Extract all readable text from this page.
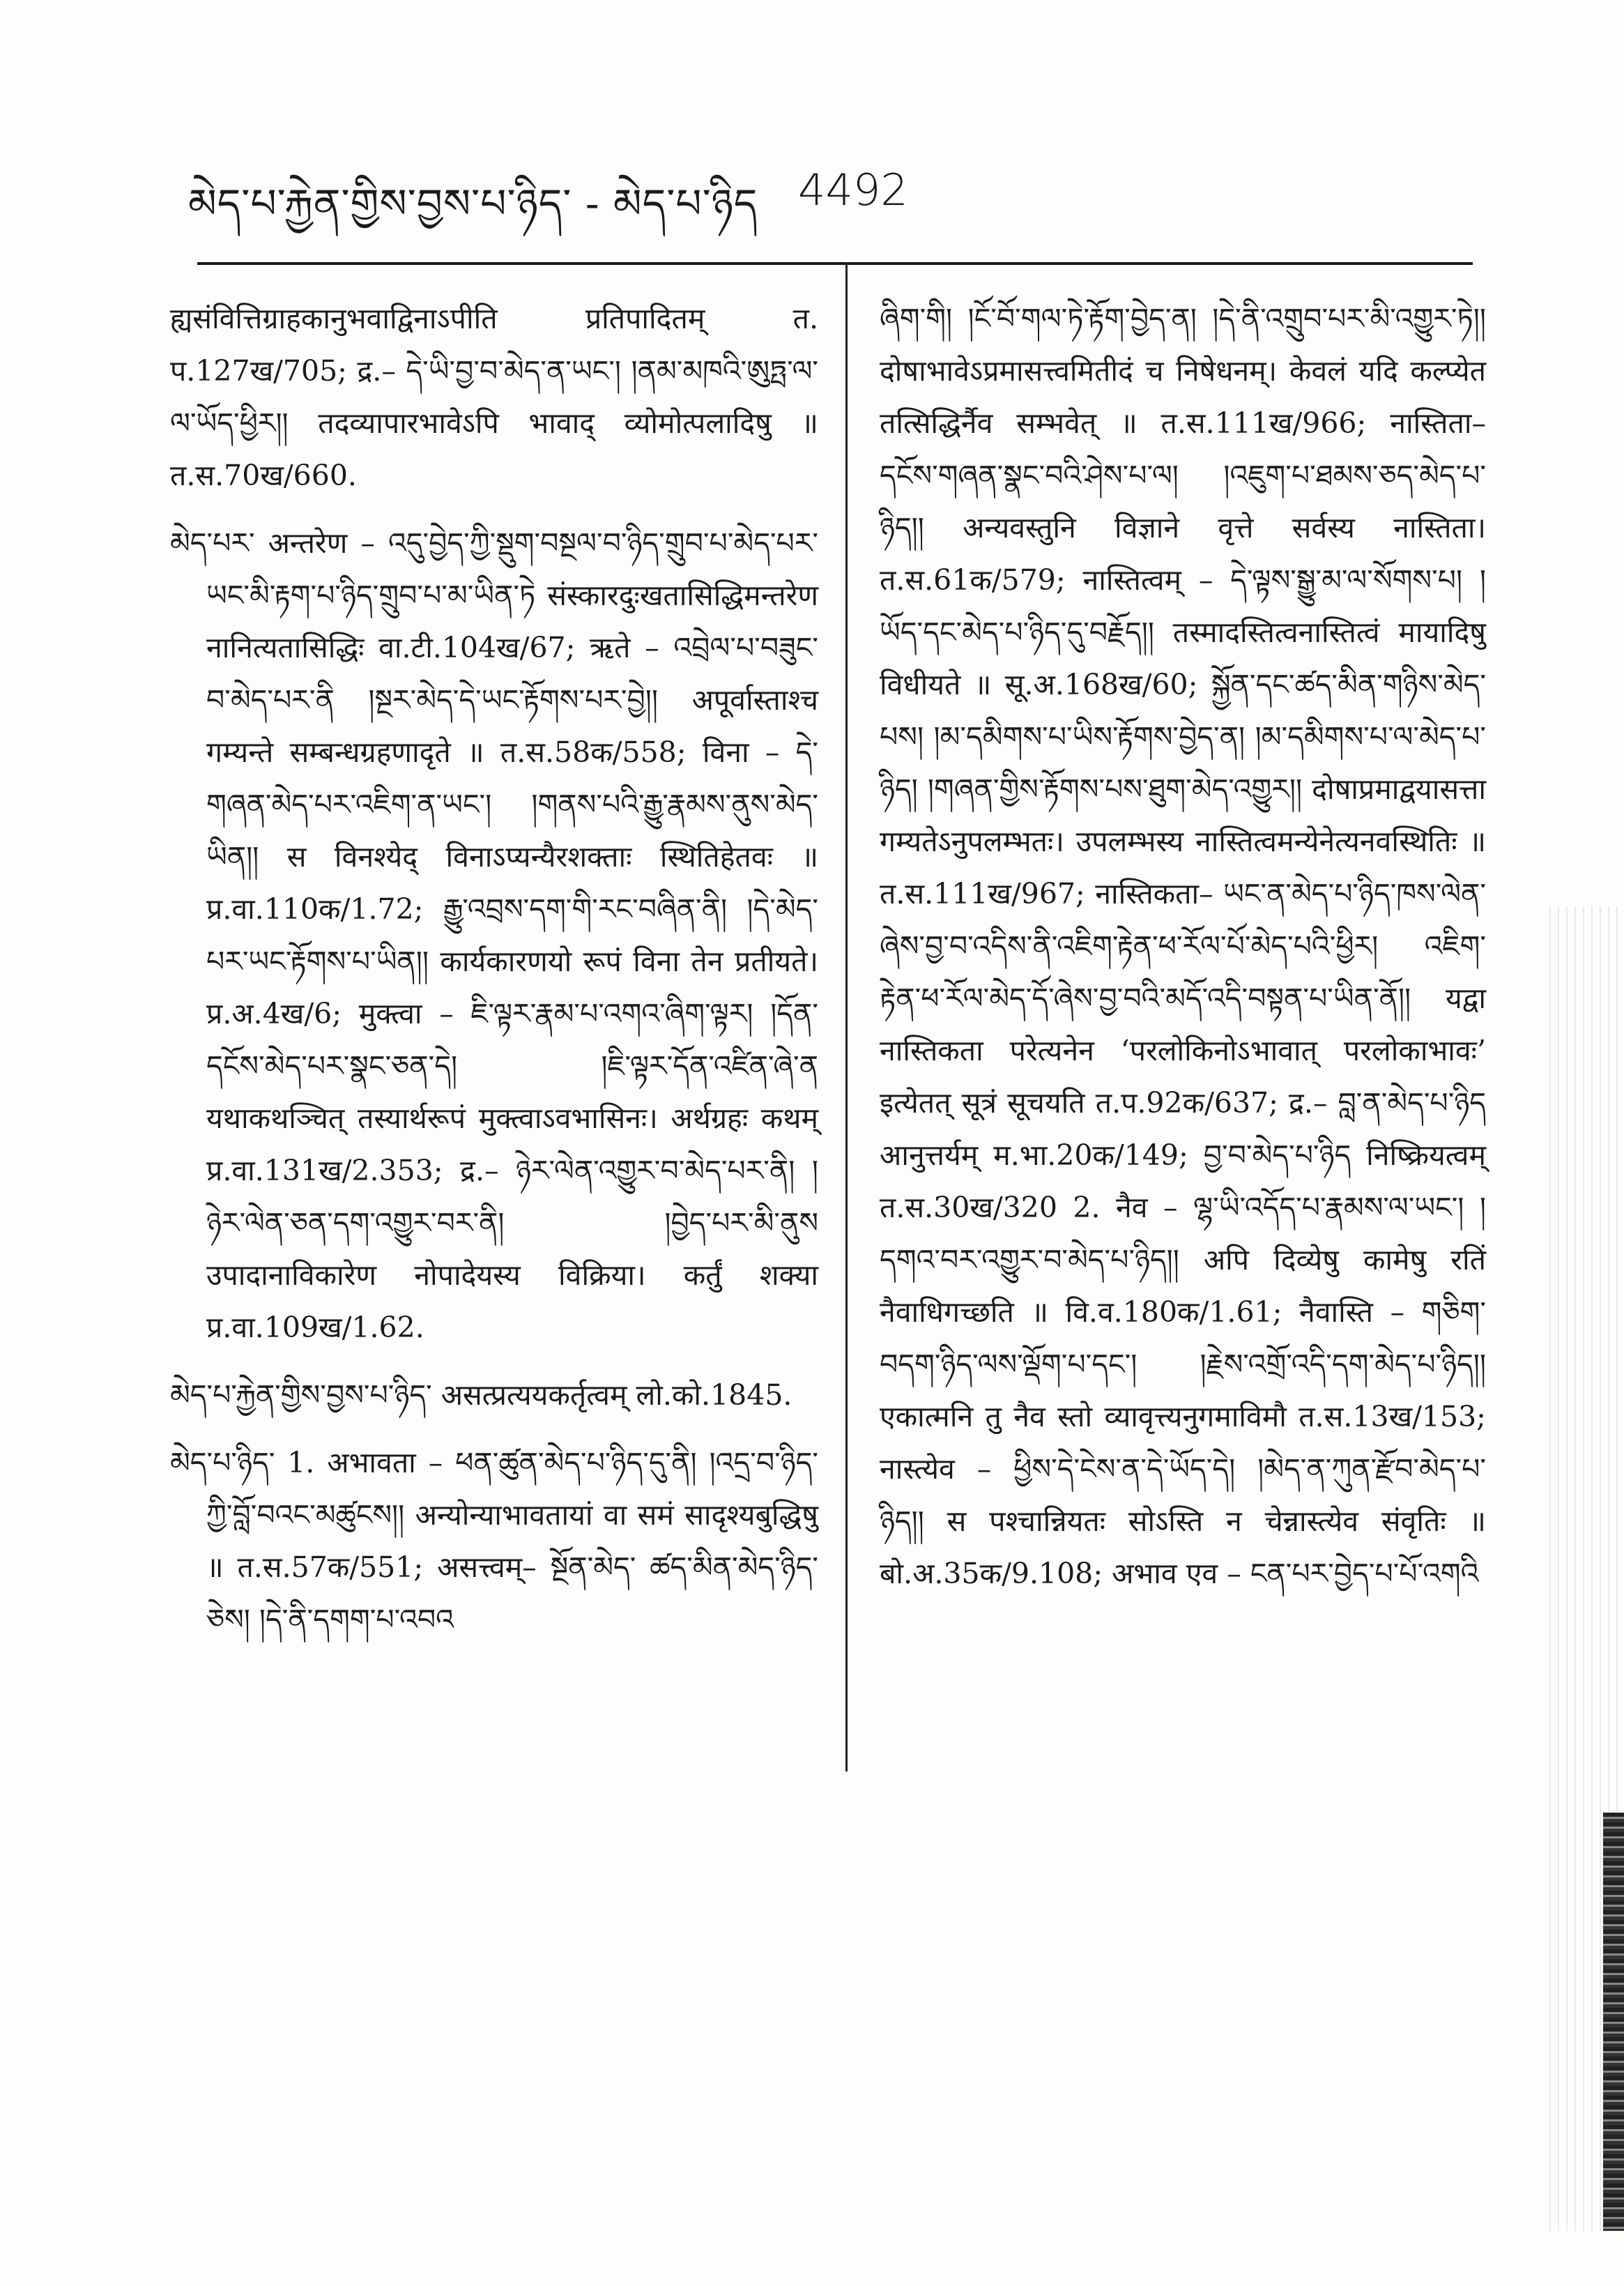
མེད་པ་རྐྱེན་གྱིས་བྱས་པ་ཉིད་ - མེད་པ་ཉིད 4492

ह्यसंवित्तिग्राहकानुभवाद्विनाऽपीति प्रतिपादितम् त. प.127ख/705; द्र.– དེ་ཡི་བྱ་བ་མེད་ན་ཡང་། །ནམ་མཁའི་ཨུཏྤ་ལ་ལ་ཡོད་ཕྱིར།། तदव्यापारभावेऽपि भावाद् व्योमोत्पलादिषु ॥ त.स.70ख/660.

མེད་པར་ अन्तरेण – འདུ་བྱེད་ཀྱི་སྡུག་བསྔལ་བ་ཉིད་གྲུབ་པ་མེད་པར་ཡང་མི་རྟག་པ་ཉིད་གྲུབ་པ་མ་ཡིན་ཏེ संस्कारदुःखतासिद्धिमन्तरेण नानित्यतासिद्धिः वा.टी.104ख/67; ऋते – འབྲེལ་པ་བཟུང་བ་མེད་པར་ནི །སྔར་མེད་དེ་ཡང་རྟོགས་པར་བྱེ།། अपूर्वास्ताश्च गम्यन्ते सम्बन्धग्रहणादृते ॥ त.स.58क/558; विना – དེ་གཞན་མེད་པར་འཇིག་ན་ཡང་། །གནས་པའི་རྒྱུ་རྣམས་ནུས་མེད་ཡིན།། स विनश्येद् विनाऽप्यन्यैरशक्ताः स्थितिहेतवः ॥ प्र.वा.110क/1.72; རྒྱུ་འབྲས་དག་གི་རང་བཞིན་ནི། །དེ་མེད་པར་ཡང་རྟོགས་པ་ཡིན།། कार्यकारणयो रूपं विना तेन प्रतीयते। प्र.अ.4ख/6; मुक्त्वा – ཇི་ལྟར་རྣམ་པ་འགའ་ཞིག་ལྟར། །དོན་དངོས་མེད་པར་སྣང་ཅན་དེ། །ཇི་ལྟར་དོན་འཛིན་ཞེ་ན यथाकथञ्चित् तस्यार्थरूपं मुक्त्वाऽवभासिनः। अर्थग्रहः कथम् प्र.वा.131ख/2.353; द्र.– ཉེར་ལེན་འགྱུར་བ་མེད་པར་ནི། །ཉེར་ལེན་ཅན་དག་འགྱུར་བར་ནི། །བྱེད་པར་མི་ནུས उपादानाविकारेण नोपादेयस्य विक्रिया। कर्तुं शक्या प्र.वा.109ख/1.62.

མེད་པ་རྐྱེན་གྱིས་བྱས་པ་ཉིད་ असत्प्रत्ययकर्तृत्वम् लो.को.1845.

མེད་པ་ཉིད་ 1. अभावता – ཕན་ཚུན་མེད་པ་ཉིད་དུ་ནི། །འདྲ་བ་ཉིད་ཀྱི་བློ་བའང་མཚུངས།། अन्योन्याभावतायां वा समं सादृश्यबुद्धिषु ॥ त.स.57क/551; असत्त्वम्– སྔོན་མེད་ ཚད་མིན་མེད་ཉིད་ཅེས། །དེ་ནི་དགག་པ་འབའ

ཞིག་གི། །ངོ་བོ་གལ་ཏེ་རྟོག་བྱེད་ན། །དེ་ནི་འགྲུབ་པར་མི་འགྱུར་ཏེ།། दोषाभावेऽप्रमासत्त्वमितीदं च निषेधनम्। केवलं यदि कल्प्येत तत्सिद्धिर्नैव सम्भवेत् ॥ त.स.111ख/966; नास्तिता– དངོས་གཞན་སྣང་བའི་ཤེས་པ་ལ། །འཇུག་པ་ཐམས་ཅད་མེད་པ་ཉིད།། अन्यवस्तुनि विज्ञाने वृत्ते सर्वस्य नास्तिता। त.स.61क/579; नास्तित्वम् – དེ་ལྟས་སྒྱུ་མ་ལ་སོགས་པ། །ཡོད་དང་མེད་པ་ཉིད་དུ་བརྗོད།། तस्मादस्तित्वनास्तित्वं मायादिषु विधीयते ॥ सू.अ.168ख/60; སྐྱོན་དང་ཚད་མིན་གཉིས་མེད་པས། །མ་དམིགས་པ་ཡིས་རྟོགས་བྱེད་ན། །མ་དམིགས་པ་ལ་མེད་པ་ཉིད། །གཞན་གྱིས་རྟོགས་པས་ཐུག་མེད་འགྱུར།། दोषाप्रमाद्वयासत्ता गम्यतेऽनुपलम्भतः। उपलम्भस्य नास्तित्वमन्येनेत्यनवस्थितिः ॥ त.स.111ख/967; नास्तिकता– ཡང་ན་མེད་པ་ཉིད་ཁས་ལེན་ཞེས་བྱ་བ་འདིས་ནི་འཇིག་རྟེན་ཕ་རོལ་པོ་མེད་པའི་ཕྱིར། འཇིག་རྟེན་ཕ་རོལ་མེད་དོ་ཞེས་བྱ་བའི་མདོ་འདི་བསྟན་པ་ཡིན་ནོ།། यद्वा नास्तिकता परेत्यनेन ‘परलोकिनोऽभावात् परलोकाभावः’ इत्येतत् सूत्रं सूचयति त.प.92क/637; द्र.– བླ་ན་མེད་པ་ཉིད आनुत्तर्यम् म.भा.20क/149; བྱ་བ་མེད་པ་ཉིད निष्क्रियत्वम् त.स.30ख/320 2. नैव – ལྷ་ཡི་འདོད་པ་རྣམས་ལ་ཡང་། །དགའ་བར་འགྱུར་བ་མེད་པ་ཉིད།། अपि दिव्येषु कामेषु रतिं नैवाधिगच्छति ॥ वि.व.180क/1.61; नैवास्ति – གཅིག་བདག་ཉིད་ལས་ལྡོག་པ་དང་། །རྗེས་འགྲོ་འདི་དག་མེད་པ་ཉིད།། एकात्मनि तु नैव स्तो व्यावृत्त्यनुगमाविमौ त.स.13ख/153; नास्त्येव – ཕྱིས་དེ་ངེས་ན་དེ་ཡོད་དེ། །མེད་ན་ཀུན་རྫོབ་མེད་པ་ཉིད།། स पश्चान्नियतः सोऽस्ति न चेन्नास्त्येव संवृतिः ॥ बो.अ.35क/9.108; अभाव एव – ངན་པར་བྱེད་པ་པོ་འགའི
